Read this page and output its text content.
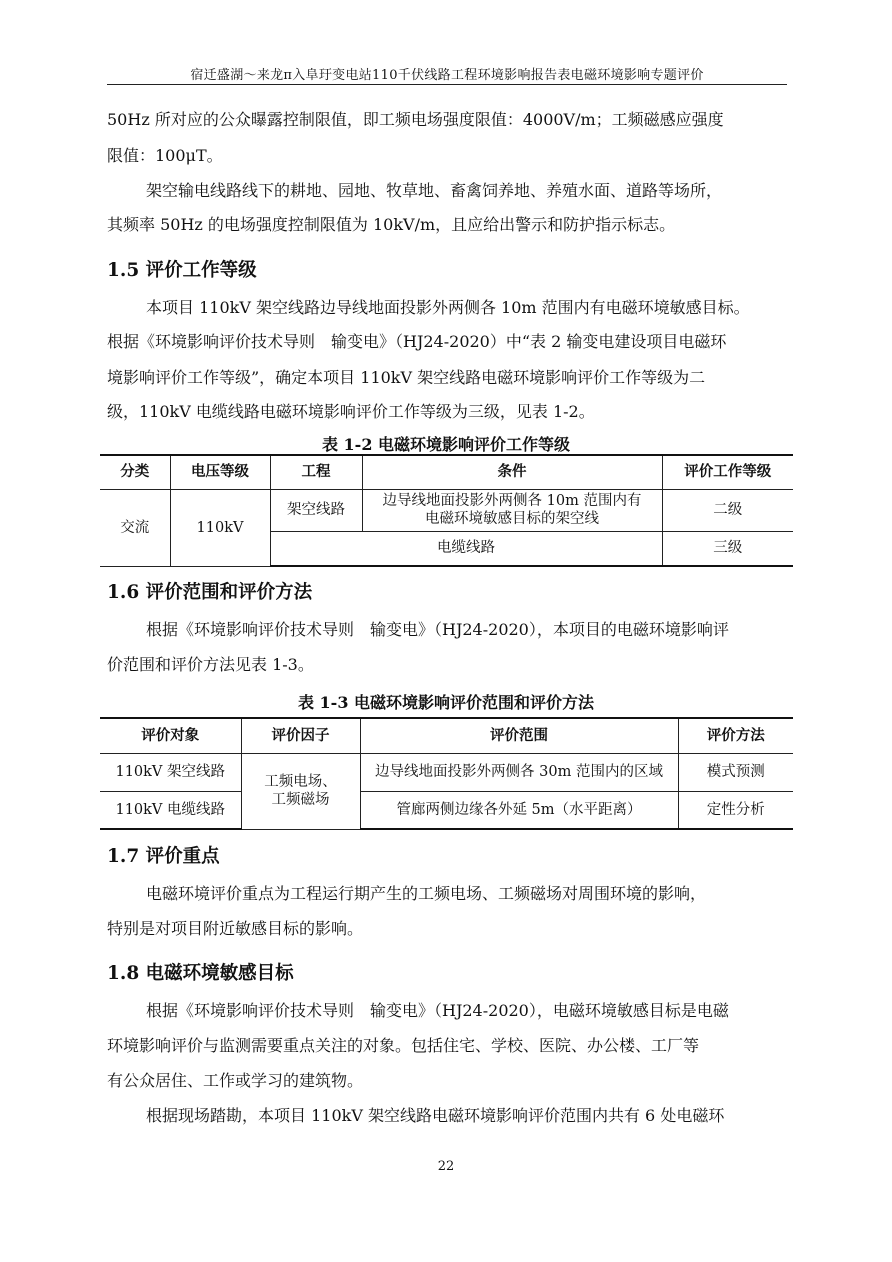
宿迁盛湖～来龙π入阜玗变电站110千伏线路工程环境影响报告表电磁环境影响专题评价
50Hz 所对应的公众曝露控制限值，即工频电场强度限值：4000V/m；工频磁感应强度
限值：100μT。
架空输电线路线下的耕地、园地、牧草地、畜禽饲养地、养殖水面、道路等场所，
其频率 50Hz 的电场强度控制限值为 10kV/m，且应给出警示和防护指示标志。
1.5 评价工作等级
本项目 110kV 架空线路边导线地面投影外两侧各 10m 范围内有电磁环境敏感目标。
根据《环境影响评价技术导则　输变电》（HJ24-2020）中“表 2 输变电建设项目电磁环
境影响评价工作等级”，确定本项目 110kV 架空线路电磁环境影响评价工作等级为二
级，110kV 电缆线路电磁环境影响评价工作等级为三级，见表 1-2。
表 1-2 电磁环境影响评价工作等级
分类	电压等级	工程	条件	评价工作等级
交流	110kV	架空线路	边导线地面投影外两侧各 10m 范围内有
电磁环境敏感目标的架空线	二级
		电缆线路		三级
1.6 评价范围和评价方法
根据《环境影响评价技术导则　输变电》（HJ24-2020），本项目的电磁环境影响评
价范围和评价方法见表 1-3。
表 1-3 电磁环境影响评价范围和评价方法
评价对象	评价因子	评价范围	评价方法
110kV 架空线路	工频电场、
工频磁场	边导线地面投影外两侧各 30m 范围内的区域	模式预测
110kV 电缆线路		管廊两侧边缘各外延 5m（水平距离）	定性分析
1.7 评价重点
电磁环境评价重点为工程运行期产生的工频电场、工频磁场对周围环境的影响，
特别是对项目附近敏感目标的影响。
1.8 电磁环境敏感目标
根据《环境影响评价技术导则　输变电》（HJ24-2020），电磁环境敏感目标是电磁
环境影响评价与监测需要重点关注的对象。包括住宅、学校、医院、办公楼、工厂等
有公众居住、工作或学习的建筑物。
根据现场踏勘，本项目 110kV 架空线路电磁环境影响评价范围内共有 6 处电磁环
22
